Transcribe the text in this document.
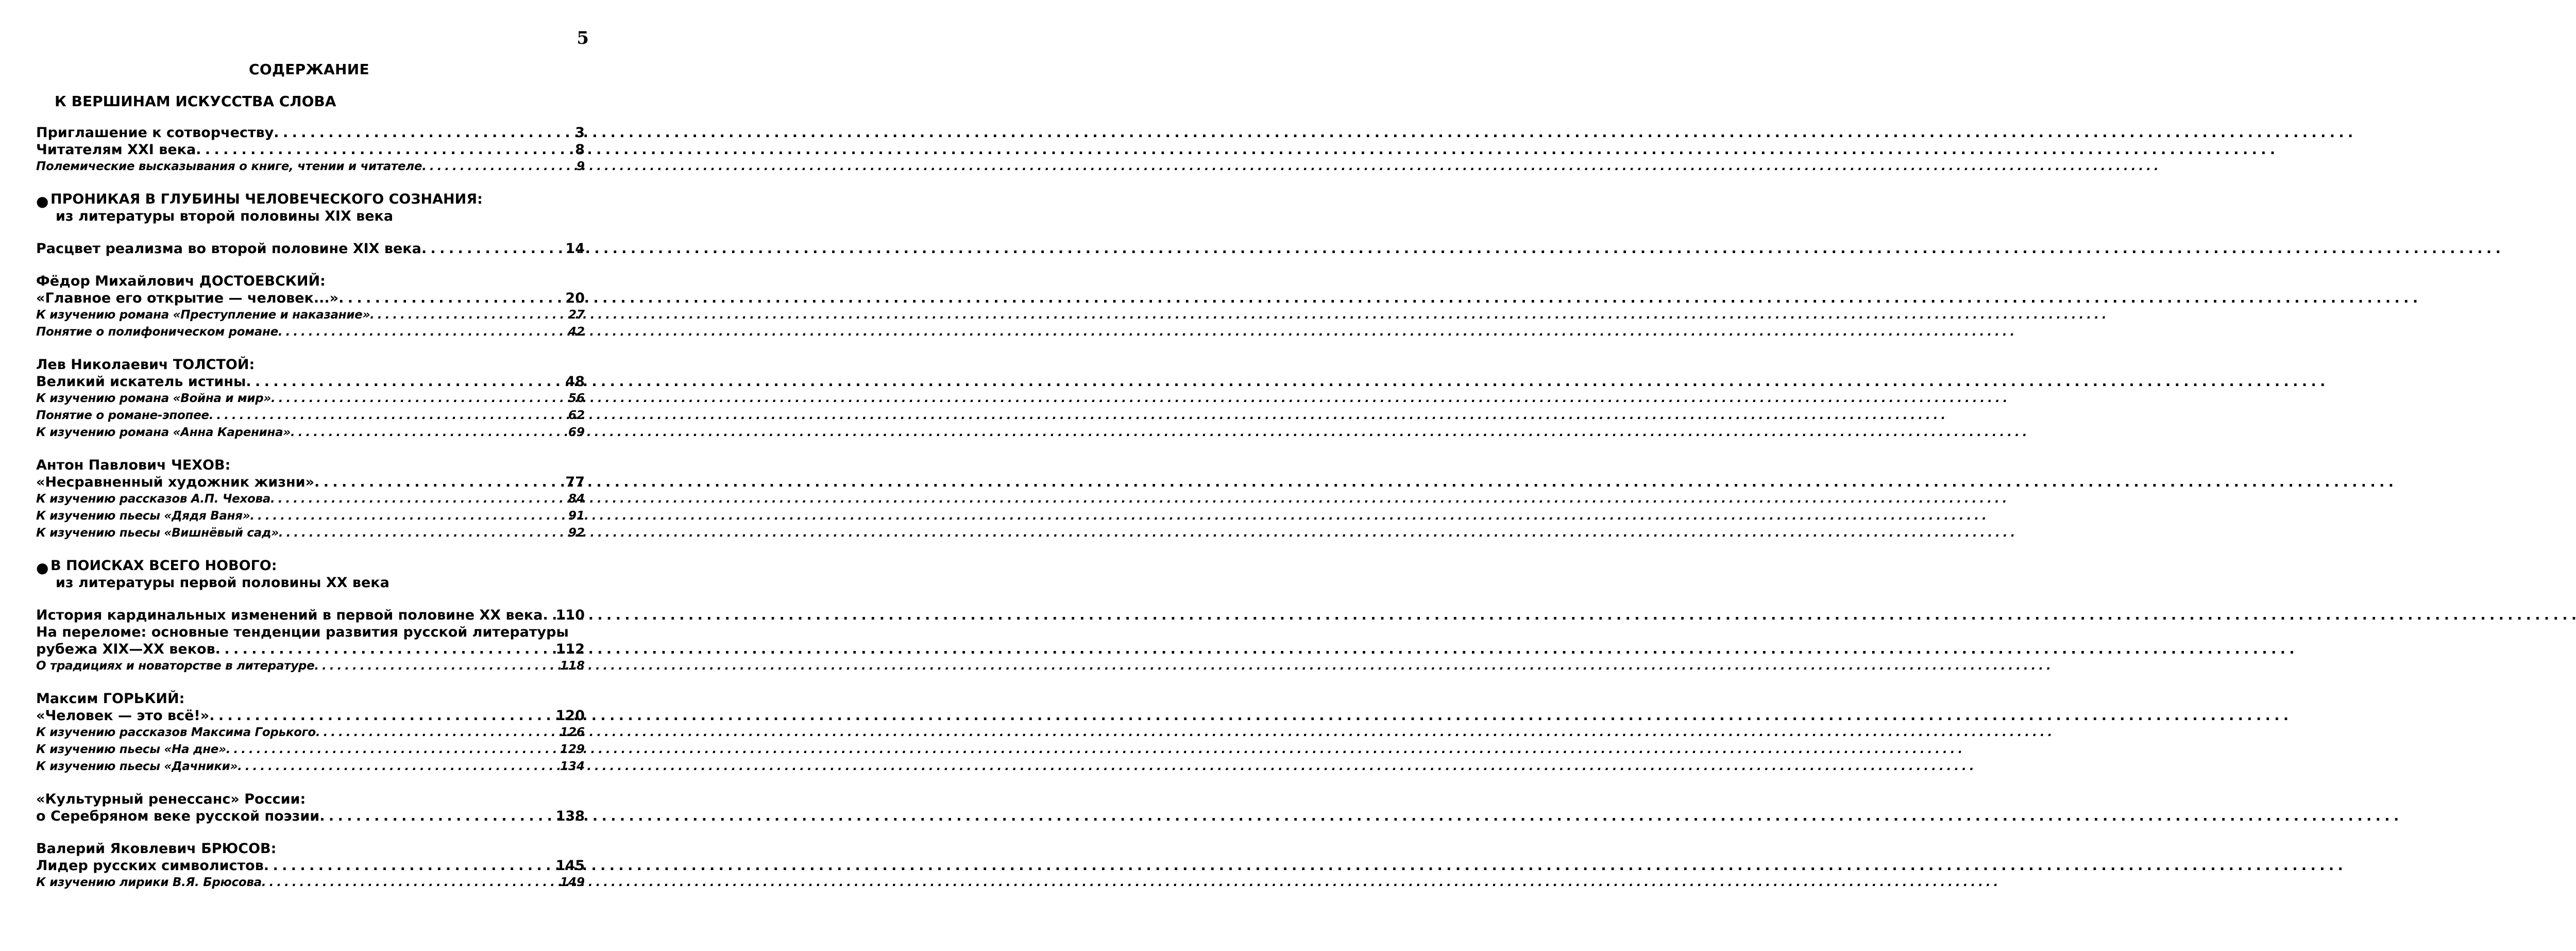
5
СОДЕРЖАНИЕ
К ВЕРШИНАМ ИСКУССТВА СЛОВА
Приглашение к сотворчеству . . .	3
Читателям XXI века . . .	8
Полемические высказывания о книге, чтении и читателе . . .	9
● ПРОНИКАЯ В ГЛУБИНЫ ЧЕЛОВЕЧЕСКОГО СОЗНАНИЯ:
из литературы второй половины XIX века
Расцвет реализма во второй половине XIX века . . .	14
Фёдор Михайлович ДОСТОЕВСКИЙ:
«Главное его открытие — человек...» . . .	20
К изучению романа «Преступление и наказание» . . .	27
Понятие о полифоническом романе . . .	42
Лев Николаевич ТОЛСТОЙ:
Великий искатель истины . . .	48
К изучению романа «Война и мир» . . .	56
Понятие о романе-эпопее . . .	62
К изучению романа «Анна Каренина» . . .	69
Антон Павлович ЧЕХОВ:
«Несравненный художник жизни» . . .	77
К изучению рассказов А.П. Чехова . . .	84
К изучению пьесы «Дядя Ваня» . . .	91
К изучению пьесы «Вишнёвый сад» . . .	92
● В ПОИСКАХ ВСЕГО НОВОГО:
из литературы первой половины XX века
История кардинальных изменений в первой половине XX века . . . 110
На переломе: основные тенденции развития русской литературы
рубежа XIX—XX веков . . .	112
О традициях и новаторстве в литературе . . .	118
Максим ГОРЬКИЙ:
«Человек — это всё!» . . .	120
К изучению рассказов Максима Горького . . .	126
К изучению пьесы «На дне» . . .	129
К изучению пьесы «Дачники» . . .	134
«Культурный ренессанс» России:
о Серебряном веке русской поэзии . . .	138
Валерий Яковлевич БРЮСОВ:
Лидер русских символистов . . .	145
К изучению лирики В.Я. Брюсова . . .	149
